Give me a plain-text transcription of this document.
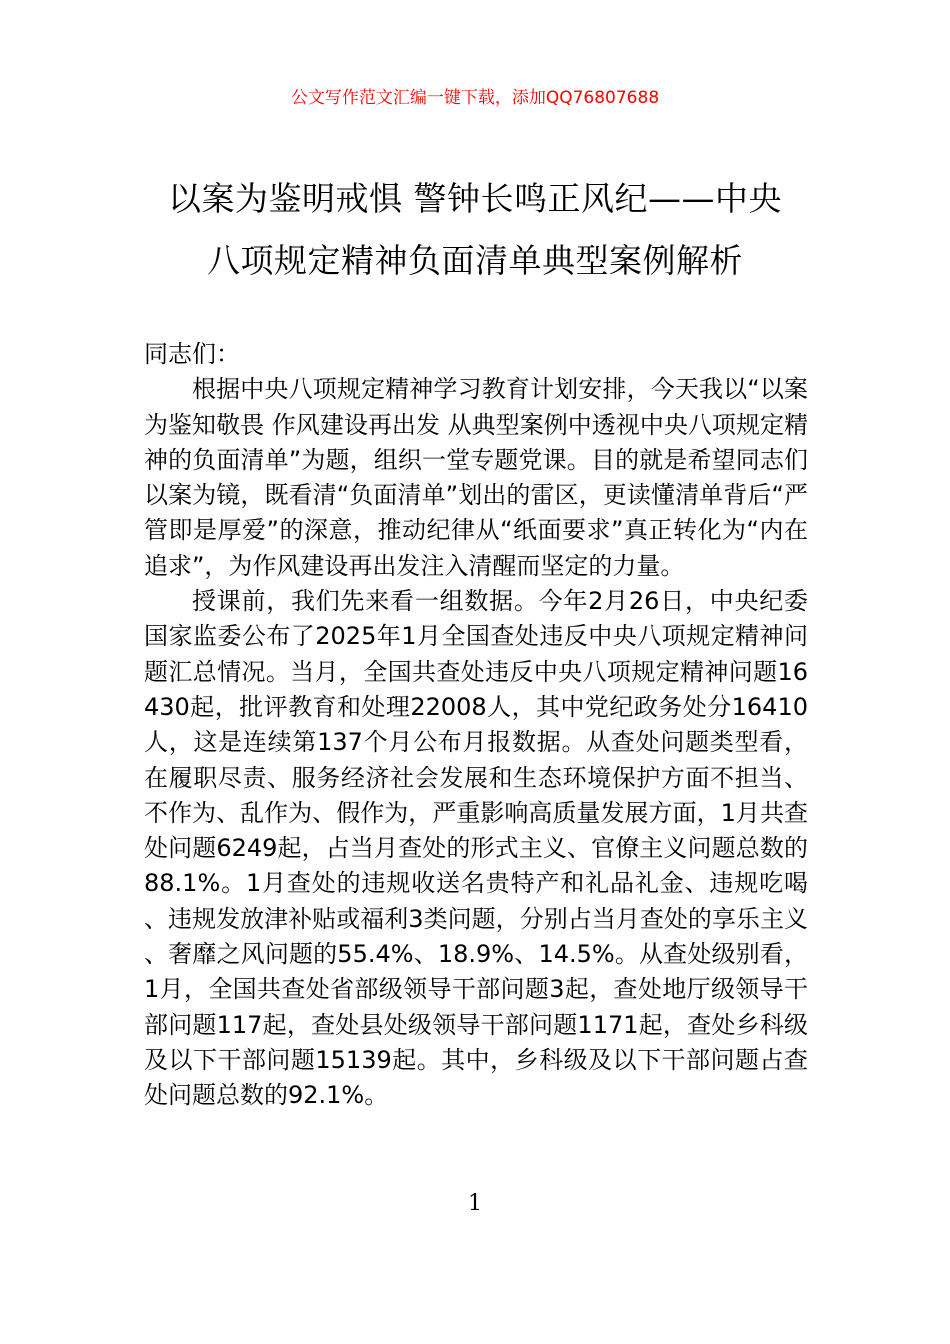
公文写作范文汇编一键下载，添加QQ76807688
以案为鉴明戒惧 警钟长鸣正风纪——中央
八项规定精神负面清单典型案例解析

同志们：

根据中央八项规定精神学习教育计划安排，今天我以“以案为鉴知敬畏 作风建设再出发 从典型案例中透视中央八项规定精神的负面清单”为题，组织一堂专题党课。目的就是希望同志们以案为镜，既看清“负面清单”划出的雷区，更读懂清单背后“严管即是厚爱”的深意，推动纪律从“纸面要求”真正转化为“内在追求”，为作风建设再出发注入清醒而坚定的力量。

授课前，我们先来看一组数据。今年2月26日，中央纪委国家监委公布了2025年1月全国查处违反中央八项规定精神问题汇总情况。当月，全国共查处违反中央八项规定精神问题16430起，批评教育和处理22008人，其中党纪政务处分16410人，这是连续第137个月公布月报数据。从查处问题类型看，在履职尽责、服务经济社会发展和生态环境保护方面不担当、不作为、乱作为、假作为，严重影响高质量发展方面，1月共查处问题6249起，占当月查处的形式主义、官僚主义问题总数的88.1%。1月查处的违规收送名贵特产和礼品礼金、违规吃喝、违规发放津补贴或福利3类问题，分别占当月查处的享乐主义、奢靡之风问题的55.4%、18.9%、14.5%。从查处级别看，1月，全国共查处省部级领导干部问题3起，查处地厅级领导干部问题117起，查处县处级领导干部问题1171起，查处乡科级及以下干部问题15139起。其中，乡科级及以下干部问题占查处问题总数的92.1%。

1
